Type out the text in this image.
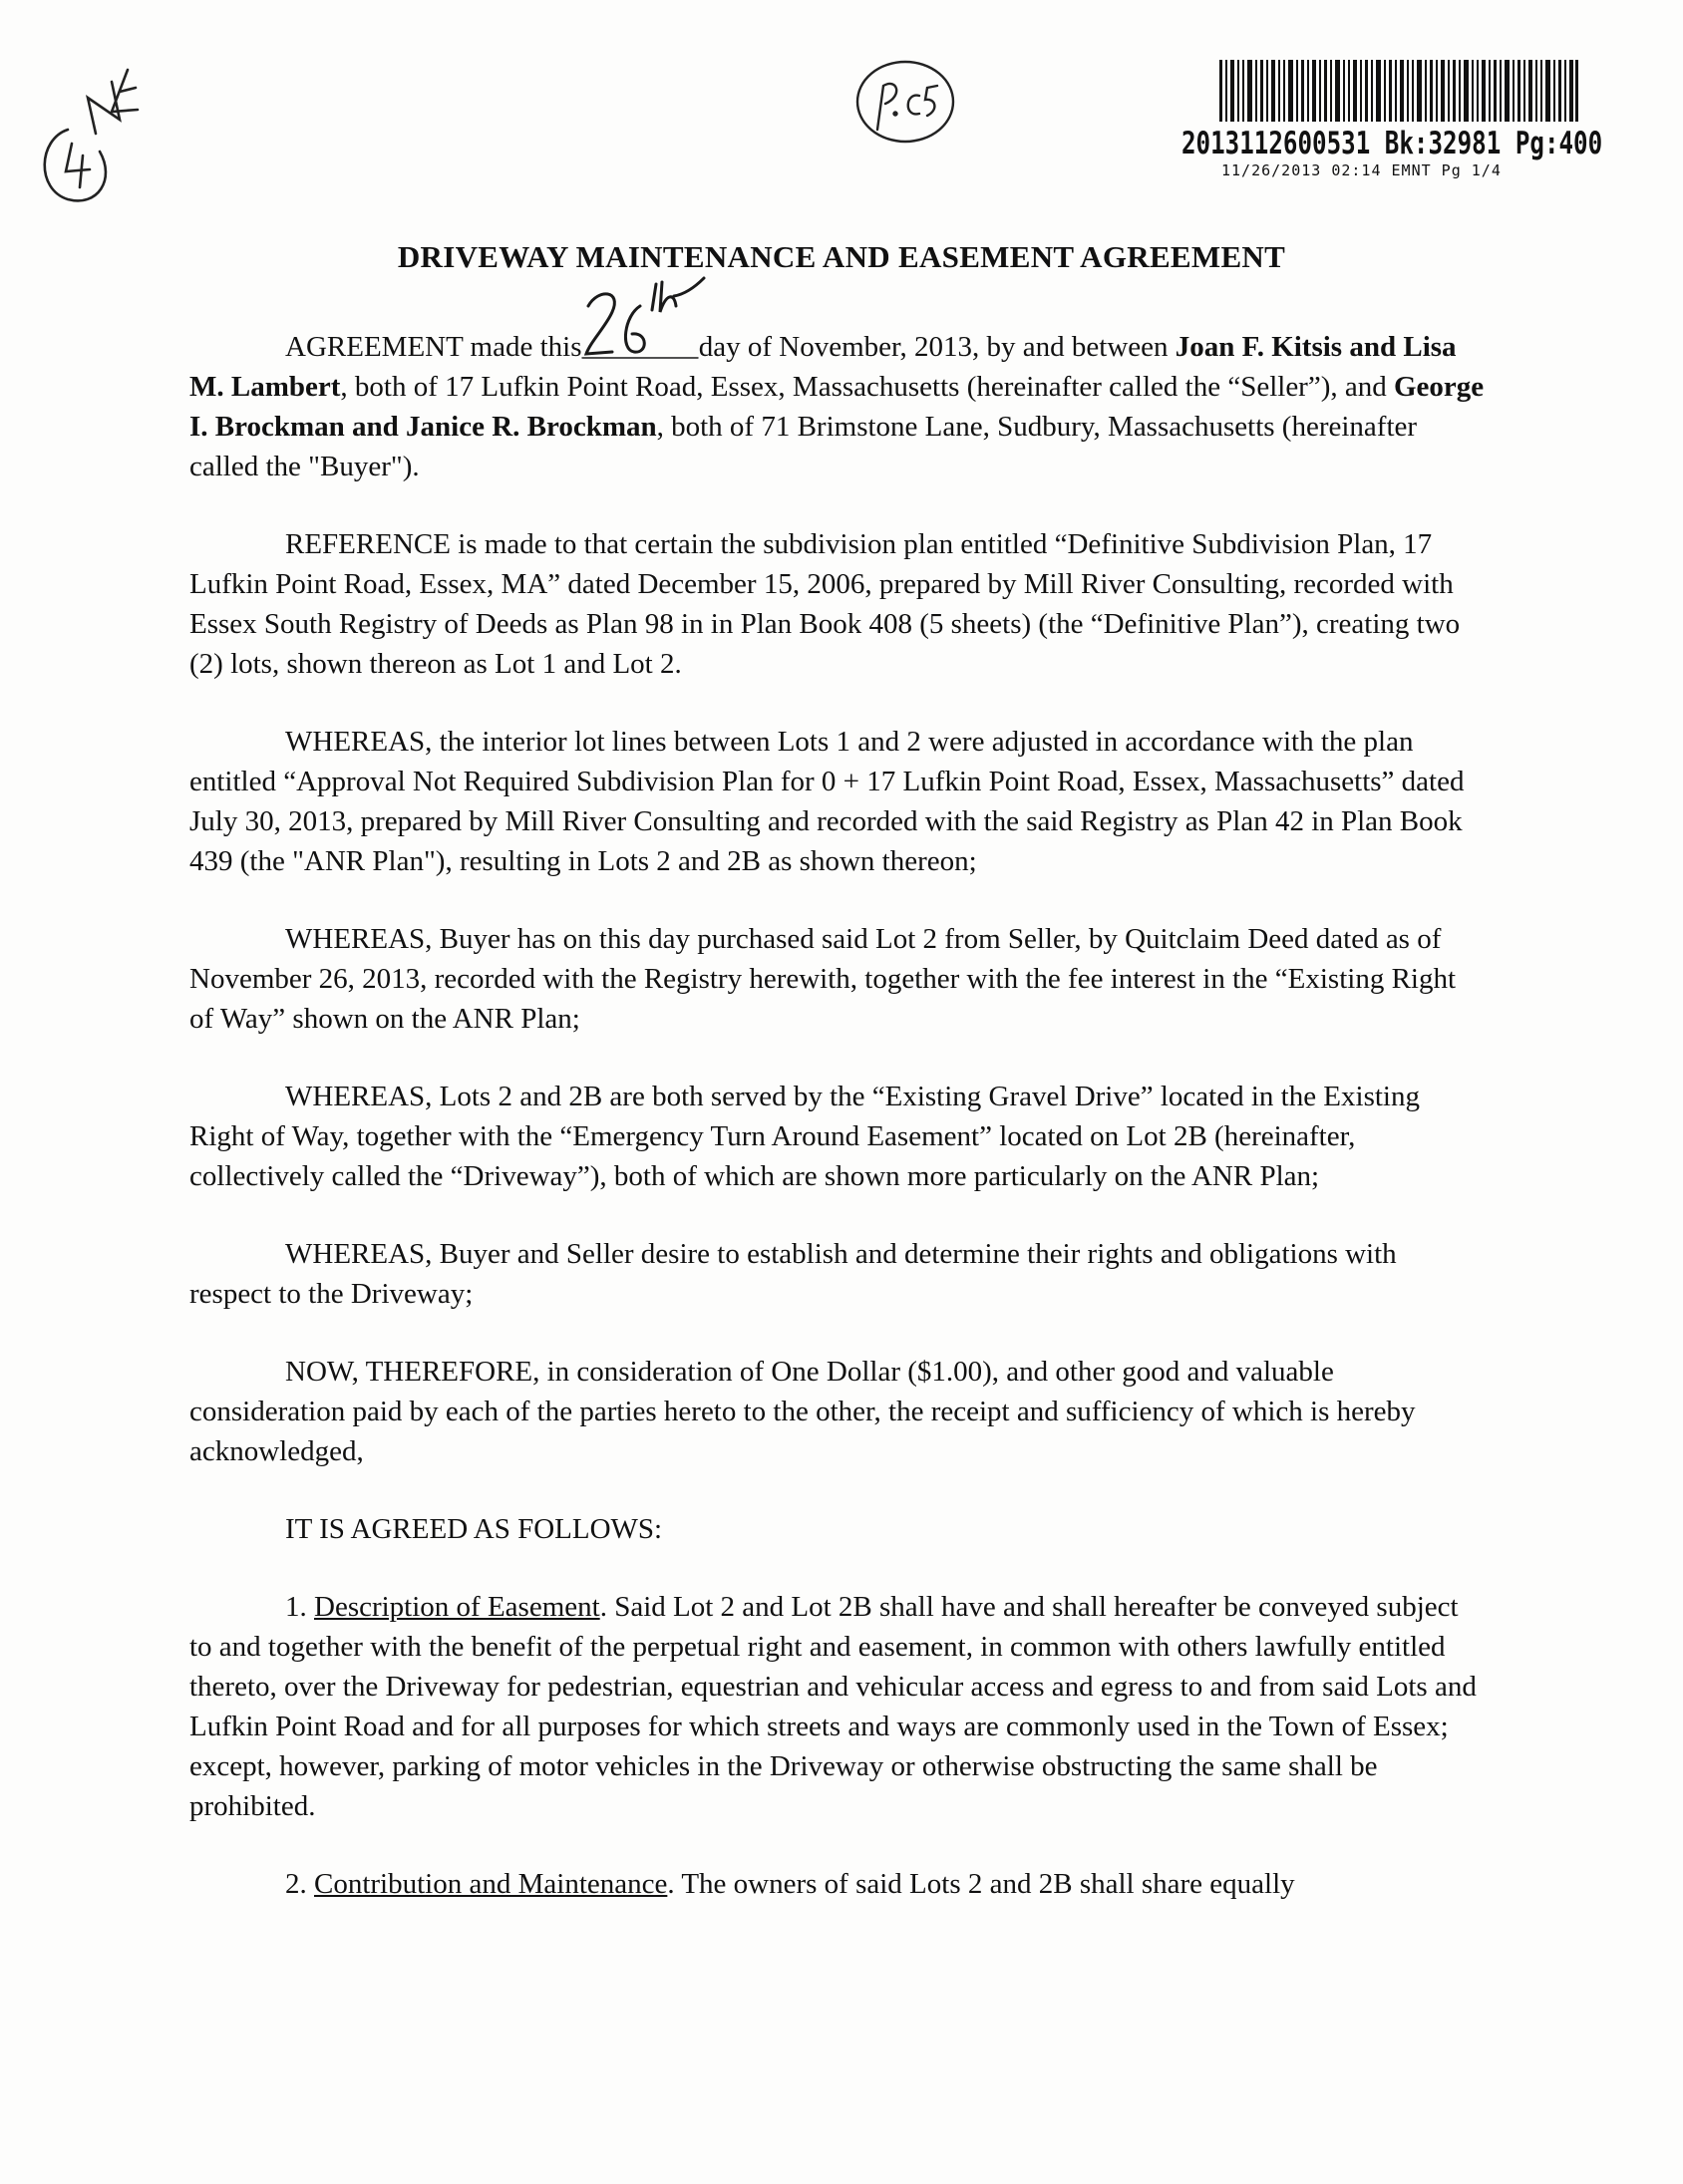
2013112600531 Bk:32981 Pg:400
11/26/2013 02:14 EMNT Pg 1/4
DRIVEWAY MAINTENANCE AND EASEMENT AGREEMENT

AGREEMENT made this	day of November, 2013, by and between Joan F. Kitsis and Lisa M. Lambert, both of 17 Lufkin Point Road, Essex, Massachusetts (hereinafter called the “Seller”), and George I. Brockman and Janice R. Brockman, both of 71 Brimstone Lane, Sudbury, Massachusetts (hereinafter called the "Buyer").

REFERENCE is made to that certain the subdivision plan entitled “Definitive Subdivision Plan, 17 Lufkin Point Road, Essex, MA” dated December 15, 2006, prepared by Mill River Consulting, recorded with Essex South Registry of Deeds as Plan 98 in in Plan Book 408 (5 sheets) (the “Definitive Plan”), creating two (2) lots, shown thereon as Lot 1 and Lot 2.

WHEREAS, the interior lot lines between Lots 1 and 2 were adjusted in accordance with the plan entitled “Approval Not Required Subdivision Plan for 0 + 17 Lufkin Point Road, Essex, Massachusetts” dated July 30, 2013, prepared by Mill River Consulting and recorded with the said Registry as Plan 42 in Plan Book 439 (the "ANR Plan"), resulting in Lots 2 and 2B as shown thereon;

WHEREAS, Buyer has on this day purchased said Lot 2 from Seller, by Quitclaim Deed dated as of November 26, 2013, recorded with the Registry herewith, together with the fee interest in the “Existing Right of Way” shown on the ANR Plan;

WHEREAS, Lots 2 and 2B are both served by the “Existing Gravel Drive” located in the Existing Right of Way, together with the “Emergency Turn Around Easement” located on Lot 2B (hereinafter, collectively called the “Driveway”), both of which are shown more particularly on the ANR Plan;

WHEREAS, Buyer and Seller desire to establish and determine their rights and obligations with respect to the Driveway;

NOW, THEREFORE, in consideration of One Dollar ($1.00), and other good and valuable consideration paid by each of the parties hereto to the other, the receipt and sufficiency of which is hereby acknowledged,

IT IS AGREED AS FOLLOWS:

1. Description of Easement. Said Lot 2 and Lot 2B shall have and shall hereafter be conveyed subject to and together with the benefit of the perpetual right and easement, in common with others lawfully entitled thereto, over the Driveway for pedestrian, equestrian and vehicular access and egress to and from said Lots and Lufkin Point Road and for all purposes for which streets and ways are commonly used in the Town of Essex; except, however, parking of motor vehicles in the Driveway or otherwise obstructing the same shall be prohibited.

2. Contribution and Maintenance. The owners of said Lots 2 and 2B shall share equally
